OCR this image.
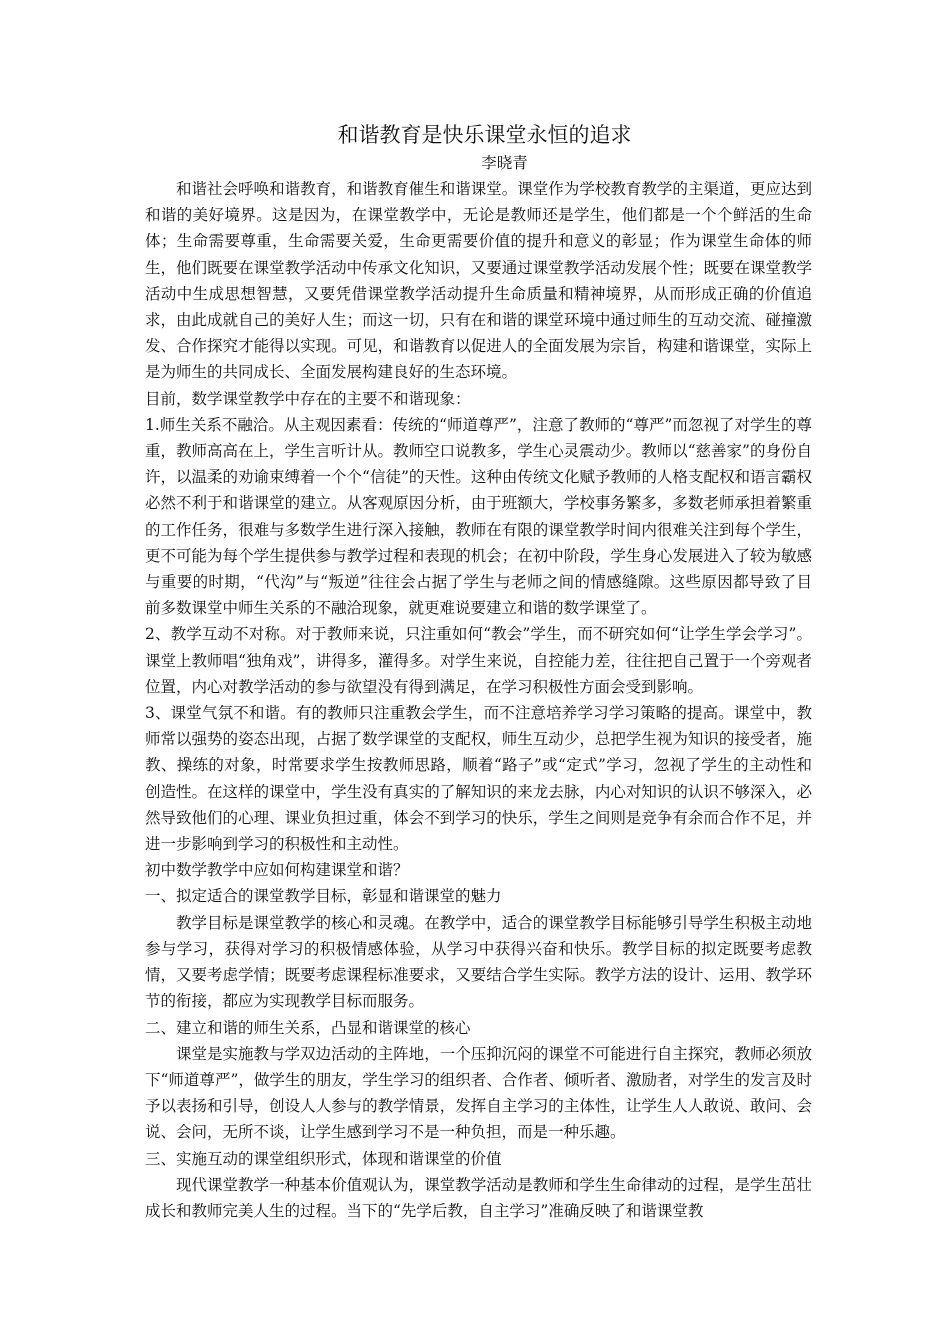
和谐教育是快乐课堂永恒的追求
李晓青

和谐社会呼唤和谐教育，和谐教育催生和谐课堂。课堂作为学校教育教学的主渠道，更应达到和谐的美好境界。这是因为，在课堂教学中，无论是教师还是学生，他们都是一个个鲜活的生命体；生命需要尊重，生命需要关爱，生命更需要价值的提升和意义的彰显；作为课堂生命体的师生，他们既要在课堂教学活动中传承文化知识，又要通过课堂教学活动发展个性；既要在课堂教学活动中生成思想智慧，又要凭借课堂教学活动提升生命质量和精神境界，从而形成正确的价值追求，由此成就自己的美好人生；而这一切，只有在和谐的课堂环境中通过师生的互动交流、碰撞激发、合作探究才能得以实现。可见，和谐教育以促进人的全面发展为宗旨，构建和谐课堂，实际上是为师生的共同成长、全面发展构建良好的生态环境。

目前，数学课堂教学中存在的主要不和谐现象：

1.师生关系不融洽。从主观因素看：传统的“师道尊严”，注意了教师的“尊严”而忽视了对学生的尊重，教师高高在上，学生言听计从。教师空口说教多，学生心灵震动少。教师以“慈善家”的身份自许，以温柔的劝谕束缚着一个个“信徒”的天性。这种由传统文化赋予教师的人格支配权和语言霸权必然不利于和谐课堂的建立。从客观原因分析，由于班额大，学校事务繁多，多数老师承担着繁重的工作任务，很难与多数学生进行深入接触，教师在有限的课堂教学时间内很难关注到每个学生，更不可能为每个学生提供参与教学过程和表现的机会；在初中阶段，学生身心发展进入了较为敏感与重要的时期，“代沟”与“叛逆”往往会占据了学生与老师之间的情感缝隙。这些原因都导致了目前多数课堂中师生关系的不融洽现象，就更难说要建立和谐的数学课堂了。

2、教学互动不对称。对于教师来说，只注重如何“教会”学生，而不研究如何“让学生学会学习”。课堂上教师唱“独角戏”，讲得多，灌得多。对学生来说，自控能力差，往往把自己置于一个旁观者位置，内心对教学活动的参与欲望没有得到满足，在学习积极性方面会受到影响。

3、课堂气氛不和谐。有的教师只注重教会学生，而不注意培养学习学习策略的提高。课堂中，教师常以强势的姿态出现，占据了数学课堂的支配权，师生互动少，总把学生视为知识的接受者，施教、操练的对象，时常要求学生按教师思路，顺着“路子”或“定式”学习，忽视了学生的主动性和创造性。在这样的课堂中，学生没有真实的了解知识的来龙去脉，内心对知识的认识不够深入，必然导致他们的心理、课业负担过重，体会不到学习的快乐，学生之间则是竞争有余而合作不足，并进一步影响到学习的积极性和主动性。

初中数学教学中应如何构建课堂和谐？

一、拟定适合的课堂教学目标，彰显和谐课堂的魅力

教学目标是课堂教学的核心和灵魂。在教学中，适合的课堂教学目标能够引导学生积极主动地参与学习，获得对学习的积极情感体验，从学习中获得兴奋和快乐。教学目标的拟定既要考虑教情，又要考虑学情；既要考虑课程标准要求，又要结合学生实际。教学方法的设计、运用、教学环节的衔接，都应为实现教学目标而服务。

二、建立和谐的师生关系，凸显和谐课堂的核心

课堂是实施教与学双边活动的主阵地，一个压抑沉闷的课堂不可能进行自主探究，教师必须放下“师道尊严”，做学生的朋友，学生学习的组织者、合作者、倾听者、激励者，对学生的发言及时予以表扬和引导，创设人人参与的教学情景，发挥自主学习的主体性，让学生人人敢说、敢问、会说、会问，无所不谈，让学生感到学习不是一种负担，而是一种乐趣。

三、实施互动的课堂组织形式，体现和谐课堂的价值

现代课堂教学一种基本价值观认为，课堂教学活动是教师和学生生命律动的过程，是学生茁壮成长和教师完美人生的过程。当下的“先学后教，自主学习”准确反映了和谐课堂教
